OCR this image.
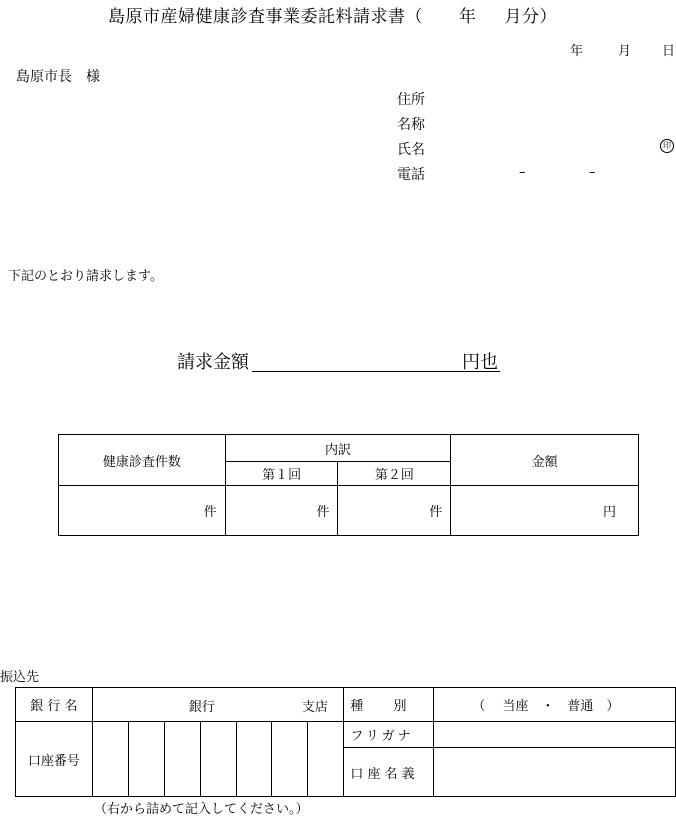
島原市産婦健康診査事業委託料請求書（ 年 月分）
年	月 日
島原市長　様
住所
名称
氏名	印
電話	–	–
下記のとおり請求します。
請求金額	円也
健康診査件数	内訳		金額
	第１回	第２回	
件	件	件	円
振込先
銀 行 名	銀行 支店							種　　 別	（　 当座　・　普通　）
口座番号								フリガナ	
								口 座 名 義	
（右から詰めて記入してください。）
